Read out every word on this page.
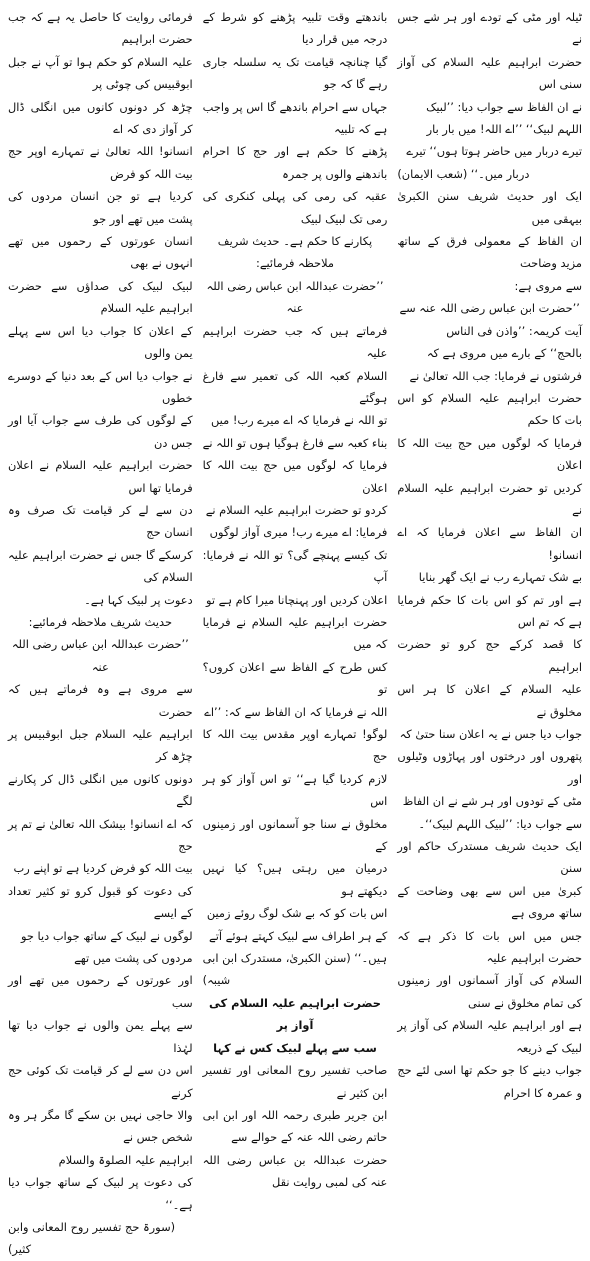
ٹیلہ اور مٹی کے تودے اور ہر شے جس نے
حضرت ابراہیم علیہ السلام کی آواز سنی اس
نے ان الفاظ سے جواب دیا: ’’لبیک
اللہم لبیک‘‘ ’’اے اللہ! میں بار بار
تیرے دربار میں حاضر ہوتا ہوں‘‘ تیرے
دربار میں۔‘‘ (شعب الایمان)
ایک اور حدیث شریف سنن الکبریٰ بیہقی میں
ان الفاظ کے معمولی فرق کے ساتھ مزید وضاحت
سے مروی ہے:
’’حضرت ابن عباس رضی اللہ عنہ سے
آیت کریمہ: ’’واذن فی الناس
بالحج‘‘ کے بارے میں مروی ہے کہ
فرشتوں نے فرمایا: جب اللہ تعالیٰ نے
حضرت ابراہیم علیہ السلام کو اس بات کا حکم
فرمایا کہ لوگوں میں حج بیت اللہ کا اعلان
کردیں تو حضرت ابراہیم علیہ السلام نے
ان الفاظ سے اعلان فرمایا کہ اے انسانو!
بے شک تمہارے رب نے ایک گھر بنایا
ہے اور تم کو اس بات کا حکم فرمایا ہے کہ تم اس
کا قصد کرکے حج کرو تو حضرت ابراہیم
علیہ السلام کے اعلان کا ہر اس مخلوق نے
جواب دیا جس نے یہ اعلان سنا حتیٰ کہ
پتھروں اور درختوں اور پہاڑوں وٹیلوں اور
مٹی کے تودوں اور ہر شے نے ان الفاظ
سے جواب دیا: ’’لبیک اللہم لبیک‘‘۔
ایک حدیث شریف مستدرک حاکم اور سنن
کبریٰ میں اس سے بھی وضاحت کے ساتھ مروی ہے
جس میں اس بات کا ذکر ہے کہ حضرت ابراہیم علیہ
السلام کی آواز آسمانوں اور زمینوں کی تمام مخلوق نے سنی
ہے اور ابراہیم علیہ السلام کی آواز پر لبیک کے ذریعہ
جواب دینے کا جو حکم تھا اسی لئے حج و عمرہ کا احرام
باندھتے وقت تلبیہ پڑھنے کو شرط کے درجہ میں قرار دیا
گیا چنانچہ قیامت تک یہ سلسلہ جاری رہے گا کہ جو
جہاں سے احرام باندھے گا اس پر واجب ہے کہ تلبیہ
پڑھنے کا حکم ہے اور حج کا احرام باندھنے والوں پر جمرہ
عقبہ کی رمی کی پہلی کنکری کی رمی تک لبیک لبیک
پکارنے کا حکم ہے۔ حدیث شریف ملاحظہ فرمائیے:
’’حضرت عبداللہ ابن عباس رضی اللہ عنہ
فرماتے ہیں کہ جب حضرت ابراہیم علیہ
السلام کعبہ اللہ کی تعمیر سے فارغ ہوگئے
تو اللہ نے فرمایا کہ اے میرے رب! میں
بناء کعبہ سے فارغ ہوگیا ہوں تو اللہ نے
فرمایا کہ لوگوں میں حج بیت اللہ کا اعلان
کردو تو حضرت ابراہیم علیہ السلام نے
فرمایا: اے میرے رب! میری آواز لوگوں
تک کیسے پہنچے گی؟ تو اللہ نے فرمایا: آپ
اعلان کردیں اور پہنچانا میرا کام ہے تو
حضرت ابراہیم علیہ السلام نے فرمایا کہ میں
کس طرح کے الفاظ سے اعلان کروں؟ تو
اللہ نے فرمایا کہ ان الفاظ سے کہ: ’’اے
لوگو! تمہارے اوپر مقدس بیت اللہ کا حج
لازم کردیا گیا ہے‘‘ تو اس آواز کو ہر اس
مخلوق نے سنا جو آسمانوں اور زمینوں کے
درمیان میں رہتی ہیں؟ کیا نہیں دیکھتے ہو
اس بات کو کہ بے شک لوگ روئے زمین
کے ہر اطراف سے لبیک کہتے ہوئے آتے
ہیں۔‘‘ (سنن الکبریٰ، مستدرک ابن ابی شیبہ)
حضرت ابراہیم علیہ السلام کی آواز پر
سب سے پہلے لبیک کس نے کہا
صاحب تفسیر روح المعانی اور تفسیر ابن کثیر نے
ابن جریر طبری رحمہ اللہ اور ابن ابی حاتم رضی اللہ عنہ کے حوالے سے
حضرت عبداللہ بن عباس رضی اللہ عنہ کی لمبی روایت نقل
فرمائی روایت کا حاصل یہ ہے کہ جب حضرت ابراہیم
علیہ السلام کو حکم ہوا تو آپ نے جبل ابوقبیس کی چوٹی پر
چڑھ کر دونوں کانوں میں انگلی ڈال کر آواز دی کہ اے
انسانو! اللہ تعالیٰ نے تمہارے اوپر حج بیت اللہ کو فرض
کردیا ہے تو جن انسان مردوں کی پشت میں تھے اور جو
انسان عورتوں کے رحموں میں تھے انہوں نے بھی
لبیک لبیک کی صداؤں سے حضرت ابراہیم علیہ السلام
کے اعلان کا جواب دیا اس سے پہلے یمن والوں
نے جواب دیا اس کے بعد دنیا کے دوسرے خطوں
کے لوگوں کی طرف سے جواب آیا اور جس دن
حضرت ابراہیم علیہ السلام نے اعلان فرمایا تھا اس
دن سے لے کر قیامت تک صرف وہ انسان حج
کرسکے گا جس نے حضرت ابراہیم علیہ السلام کی
دعوت پر لبیک کہا ہے۔
حدیث شریف ملاحظہ فرمائیے:
’’حضرت عبداللہ ابن عباس رضی اللہ عنہ
سے مروی ہے وہ فرماتے ہیں کہ حضرت
ابراہیم علیہ السلام جبل ابوقبیس پر چڑھ کر
دونوں کانوں میں انگلی ڈال کر پکارنے لگے
کہ اے انسانو! بیشک اللہ تعالیٰ نے تم پر حج
بیت اللہ کو فرض کردیا ہے تو اپنے رب
کی دعوت کو قبول کرو تو کثیر تعداد کے ایسے
لوگوں نے لبیک کے ساتھ جواب دیا جو
مردوں کی پشت میں تھے
اور عورتوں کے رحموں میں تھے اور سب
سے پہلے یمن والوں نے جواب دیا تھا لہٰذا
اس دن سے لے کر قیامت تک کوئی حج کرنے
والا حاجی نہیں بن سکے گا مگر ہر وہ شخص جس نے
ابراہیم علیہ الصلوۃ والسلام
کی دعوت پر لبیک کے ساتھ جواب دیا ہے۔‘‘
(سورۃ حج تفسیر روح المعانی وابن کثیر)
